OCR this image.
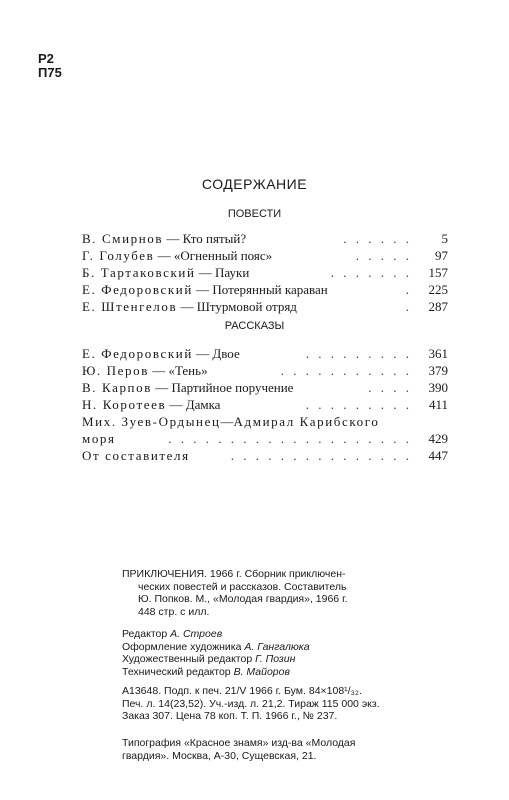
Р2
П75
СОДЕРЖАНИЕ
ПОВЕСТИ
В. Смирнов — Кто пятый?	. . . . . .	5
Г. Голубев — «Огненный пояс»	. . . . .	97
Б. Тартаковский — Пауки	. . . . . . .	157
Е. Федоровский — Потерянный караван	.	225
Е. Штенгелов — Штурмовой отряд	.	287
РАССКАЗЫ
Е. Федоровский — Двое	. . . . . . . . .	361
Ю. Перов — «Тень»	. . . . . . . . . . .	379
В. Карпов — Партийное поручение	. . . .	390
Н. Коротеев — Дамка	. . . . . . . . .	411
Мих. Зуев-Ордынец—Адмирал Карибского
моря	. . . . . . . . . . . . . . . . . . . .	429
От составителя	. . . . . . . . . . . . . . .	447
ПРИКЛЮЧЕНИЯ. 1966 г. Сборник приключен-
ческих повестей и рассказов. Составитель
Ю. Попков. М., «Молодая гвардия», 1966 г.
448 стр. с илл.
Редактор А. Строев
Оформление художника А. Гангалюка
Художественный редактор Г. Позин
Технический редактор В. Майоров
А13648. Подп. к печ. 21/V 1966 г. Бум. 84×108¹/₃₂.
Печ. л. 14(23,52). Уч.-изд. л. 21,2. Тираж 115 000 экз.
Заказ 307. Цена 78 коп. Т. П. 1966 г., № 237.
Типография «Красное знамя» изд-ва «Молодая
гвардия». Москва, А-30, Сущевская, 21.
